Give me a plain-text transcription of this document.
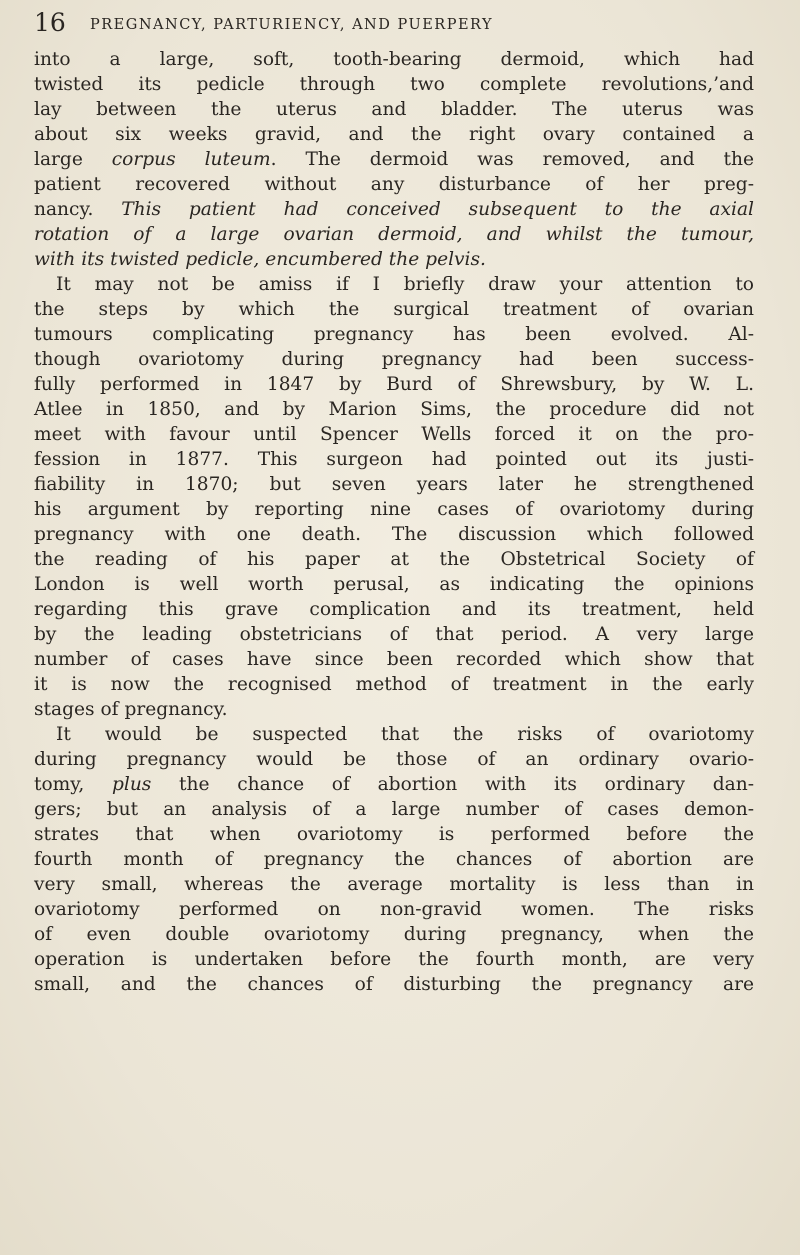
16 PREGNANCY, PARTURIENCY, AND PUERPERY
into a large, soft, tooth-bearing dermoid, which had
twisted its pedicle through two complete revolutions,’and
lay between the uterus and bladder. The uterus was
about six weeks gravid, and the right ovary contained a
large corpus luteum. The dermoid was removed, and the
patient recovered without any disturbance of her preg-
nancy. This patient had conceived subsequent to the axial
rotation of a large ovarian dermoid, and whilst the tumour,
with its twisted pedicle, encumbered the pelvis.
It may not be amiss if I briefly draw your attention to
the steps by which the surgical treatment of ovarian
tumours complicating pregnancy has been evolved. Al-
though ovariotomy during pregnancy had been success-
fully performed in 1847 by Burd of Shrewsbury, by W. L.
Atlee in 1850, and by Marion Sims, the procedure did not
meet with favour until Spencer Wells forced it on the pro-
fession in 1877. This surgeon had pointed out its justi-
fiability in 1870; but seven years later he strengthened
his argument by reporting nine cases of ovariotomy during
pregnancy with one death. The discussion which followed
the reading of his paper at the Obstetrical Society of
London is well worth perusal, as indicating the opinions
regarding this grave complication and its treatment, held
by the leading obstetricians of that period. A very large
number of cases have since been recorded which show that
it is now the recognised method of treatment in the early
stages of pregnancy.
It would be suspected that the risks of ovariotomy
during pregnancy would be those of an ordinary ovario-
tomy, plus the chance of abortion with its ordinary dan-
gers; but an analysis of a large number of cases demon-
strates that when ovariotomy is performed before the
fourth month of pregnancy the chances of abortion are
very small, whereas the average mortality is less than in
ovariotomy performed on non-gravid women. The risks
of even double ovariotomy during pregnancy, when the
operation is undertaken before the fourth month, are very
small, and the chances of disturbing the pregnancy are
